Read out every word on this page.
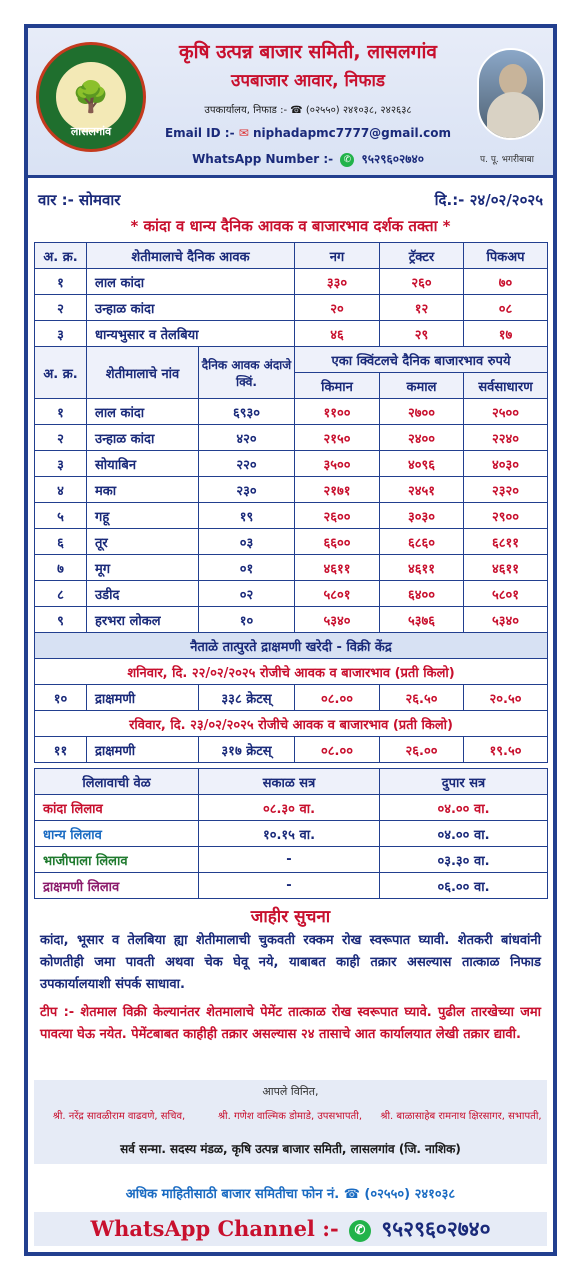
🌳
लासलगांव
कृषि उत्पन्न बाजार समिती, लासलगांव
उपबाजार आवार, निफाड
उपकार्यालय, निफाड :- ☎ (०२५५०) २४१०३८, २४२६३८
Email ID :- ✉ niphadapmc7777@gmail.com
WhatsApp Number :- ✆ ९५२९६०२७४०	प. पू. भगरीबाबा
वार :- सोमवार	दि.:- २४/०२/२०२५
* कांदा व धान्य दैनिक आवक व बाजारभाव दर्शक तक्ता *
अ. क्र.	शेतीमालाचे दैनिक आवक	नग	ट्रॅक्टर	पिकअप
१	लाल कांदा	३३०	२६०	७०
२	उन्हाळ कांदा	२०	१२	०८
३	धान्यभुसार व तेलबिया	४६	२९	१७
अ. क्र.	शेतीमालाचे नांव	दैनिक आवक अंदाजे क्विं.	एका क्विंटलचे दैनिक बाजारभाव रुपये		
			किमान	कमाल	सर्वसाधारण
१	लाल कांदा	६९३०	११००	२७००	२५००
२	उन्हाळ कांदा	४२०	२१५०	२४००	२२४०
३	सोयाबिन	२२०	३५००	४०९६	४०३०
४	मका	२३०	२१७१	२४५१	२३२०
५	गहू	१९	२६००	३०३०	२९००
६	तूर	०३	६६००	६८६०	६८११
७	मूग	०१	४६११	४६११	४६११
८	उडीद	०२	५८०१	६४००	५८०१
९	हरभरा लोकल	१०	५३४०	५३७६	५३४०
नैताळे तात्पुरते द्राक्षमणी खरेदी - विक्री केंद्र					
शनिवार, दि. २२/०२/२०२५ रोजीचे आवक व बाजारभाव (प्रती किलो)					
१०	द्राक्षमणी	३३८ क्रेटस्	०८.००	२६.५०	२०.५०
रविवार, दि. २३/०२/२०२५ रोजीचे आवक व बाजारभाव (प्रती किलो)					
११	द्राक्षमणी	३१७ क्रेटस्	०८.००	२६.००	१९.५०
लिलावाची वेळ	सकाळ सत्र	दुपार सत्र
कांदा लिलाव	०८.३० वा.	०४.०० वा.
धान्य लिलाव	१०.१५ वा.	०४.०० वा.
भाजीपाला लिलाव	-	०३.३० वा.
द्राक्षमणी लिलाव	-	०६.०० वा.
जाहीर सुचना
कांदा, भूसार व तेलबिया ह्या शेतीमालाची चुकवती रक्कम रोख स्वरूपात घ्यावी. शेतकरी बांधवांनी कोणतीही जमा पावती अथवा चेक घेवू नये, याबाबत काही तक्रार असल्यास तात्काळ निफाड उपकार्यालयाशी संपर्क साधावा.
टीप :- शेतमाल विक्री केल्यानंतर शेतमालाचे पेमेंट तात्काळ रोख स्वरूपात घ्यावे. पुढील तारखेच्या जमा पावत्या घेऊ नयेत. पेमेंटबाबत काहीही तक्रार असल्यास २४ तासाचे आत कार्यालयात लेखी तक्रार द्यावी.
आपले विनित,
श्री. नरेंद्र सावळीराम वाढवणे, सचिव,	श्री. गणेश वाल्मिक डोमाडे, उपसभापती,	श्री. बाळासाहेब रामनाथ क्षिरसागर, सभापती,
सर्व सन्मा. सदस्य मंडळ, कृषि उत्पन्न बाजार समिती, लासलगांव (जि. नाशिक)
अधिक माहितीसाठी बाजार समितीचा फोन नं. ☎ (०२५५०) २४१०३८
WhatsApp Channel :- ✆ ९५२९६०२७४०
